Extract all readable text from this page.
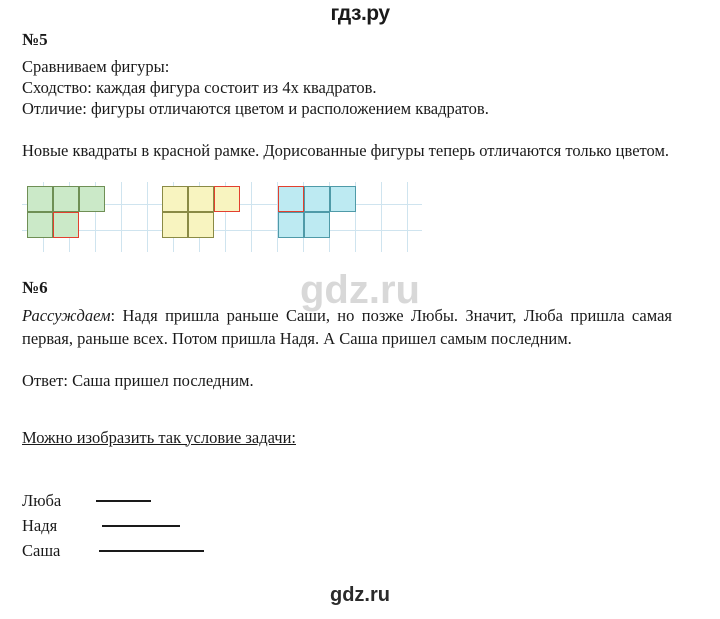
гдз.ру
gdz.ru
№5

Сравниваем фигуры:

Сходство: каждая фигура состоит из 4х квадратов.

Отличие: фигуры отличаются цветом и расположением квадратов.

Новые квадраты в красной рамке. Дорисованные фигуры теперь отличаются только цветом.

№6

Рассуждаем: Надя пришла раньше Саши, но позже Любы. Значит, Люба пришла самая первая, раньше всех. Потом пришла Надя. А Саша пришел самым последним.

Ответ: Саша пришел последним.

Можно изобразить так условие задачи:

Люба
Надя
Саша
gdz.ru
